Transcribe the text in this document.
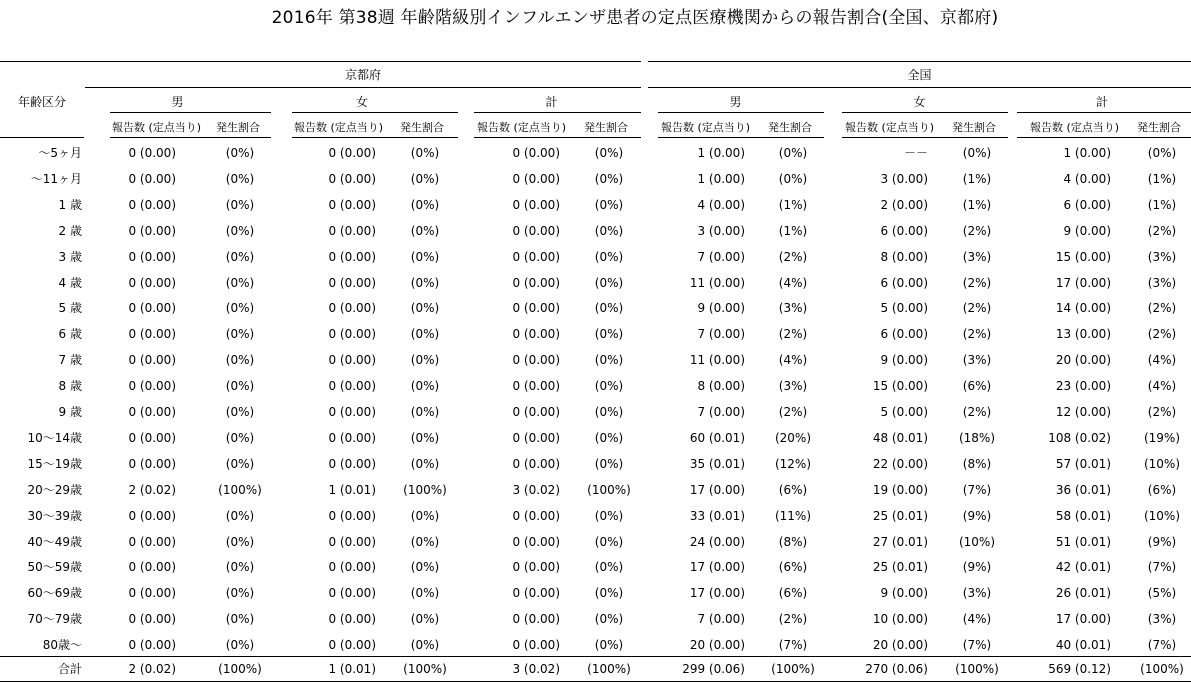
2016年 第38週 年齢階級別インフルエンザ患者の定点医療機関からの報告割合(全国、京都府)
年齢区分
京都府	全国
男	女	計	男	女	計
報告数 (定点当り) 発生割合	報告数 (定点当り) 発生割合	報告数 (定点当り) 発生割合	報告数 (定点当り) 発生割合	報告数 (定点当り) 発生割合	報告数 (定点当り) 発生割合
〜5ヶ月	0 (0.00)	(0%)	0 (0.00)	(0%)	0 (0.00)	(0%)	1 (0.00)	(0%)	－－	(0%)	1 (0.00)	(0%)
〜11ヶ月	0 (0.00)	(0%)	0 (0.00)	(0%)	0 (0.00)	(0%)	1 (0.00)	(0%)	3 (0.00)	(1%)	4 (0.00)	(1%)
1 歳	0 (0.00)	(0%)	0 (0.00)	(0%)	0 (0.00)	(0%)	4 (0.00)	(1%)	2 (0.00)	(1%)	6 (0.00)	(1%)
2 歳	0 (0.00)	(0%)	0 (0.00)	(0%)	0 (0.00)	(0%)	3 (0.00)	(1%)	6 (0.00)	(2%)	9 (0.00)	(2%)
3 歳	0 (0.00)	(0%)	0 (0.00)	(0%)	0 (0.00)	(0%)	7 (0.00)	(2%)	8 (0.00)	(3%)	15 (0.00)	(3%)
4 歳	0 (0.00)	(0%)	0 (0.00)	(0%)	0 (0.00)	(0%)	11 (0.00)	(4%)	6 (0.00)	(2%)	17 (0.00)	(3%)
5 歳	0 (0.00)	(0%)	0 (0.00)	(0%)	0 (0.00)	(0%)	9 (0.00)	(3%)	5 (0.00)	(2%)	14 (0.00)	(2%)
6 歳	0 (0.00)	(0%)	0 (0.00)	(0%)	0 (0.00)	(0%)	7 (0.00)	(2%)	6 (0.00)	(2%)	13 (0.00)	(2%)
7 歳	0 (0.00)	(0%)	0 (0.00)	(0%)	0 (0.00)	(0%)	11 (0.00)	(4%)	9 (0.00)	(3%)	20 (0.00)	(4%)
8 歳	0 (0.00)	(0%)	0 (0.00)	(0%)	0 (0.00)	(0%)	8 (0.00)	(3%)	15 (0.00)	(6%)	23 (0.00)	(4%)
9 歳	0 (0.00)	(0%)	0 (0.00)	(0%)	0 (0.00)	(0%)	7 (0.00)	(2%)	5 (0.00)	(2%)	12 (0.00)	(2%)
10〜14歳	0 (0.00)	(0%)	0 (0.00)	(0%)	0 (0.00)	(0%)	60 (0.01)	(20%)	48 (0.01)	(18%)	108 (0.02)	(19%)
15〜19歳	0 (0.00)	(0%)	0 (0.00)	(0%)	0 (0.00)	(0%)	35 (0.01)	(12%)	22 (0.00)	(8%)	57 (0.01)	(10%)
20〜29歳	2 (0.02)	(100%)	1 (0.01)	(100%)	3 (0.02)	(100%)	17 (0.00)	(6%)	19 (0.00)	(7%)	36 (0.01)	(6%)
30〜39歳	0 (0.00)	(0%)	0 (0.00)	(0%)	0 (0.00)	(0%)	33 (0.01)	(11%)	25 (0.01)	(9%)	58 (0.01)	(10%)
40〜49歳	0 (0.00)	(0%)	0 (0.00)	(0%)	0 (0.00)	(0%)	24 (0.00)	(8%)	27 (0.01)	(10%)	51 (0.01)	(9%)
50〜59歳	0 (0.00)	(0%)	0 (0.00)	(0%)	0 (0.00)	(0%)	17 (0.00)	(6%)	25 (0.01)	(9%)	42 (0.01)	(7%)
60〜69歳	0 (0.00)	(0%)	0 (0.00)	(0%)	0 (0.00)	(0%)	17 (0.00)	(6%)	9 (0.00)	(3%)	26 (0.01)	(5%)
70〜79歳	0 (0.00)	(0%)	0 (0.00)	(0%)	0 (0.00)	(0%)	7 (0.00)	(2%)	10 (0.00)	(4%)	17 (0.00)	(3%)
80歳〜	0 (0.00)	(0%)	0 (0.00)	(0%)	0 (0.00)	(0%)	20 (0.00)	(7%)	20 (0.00)	(7%)	40 (0.01)	(7%)
合計	2 (0.02)	(100%)	1 (0.01)	(100%)	3 (0.02)	(100%)	299 (0.06)	(100%)	270 (0.06)	(100%)	569 (0.12)	(100%)
